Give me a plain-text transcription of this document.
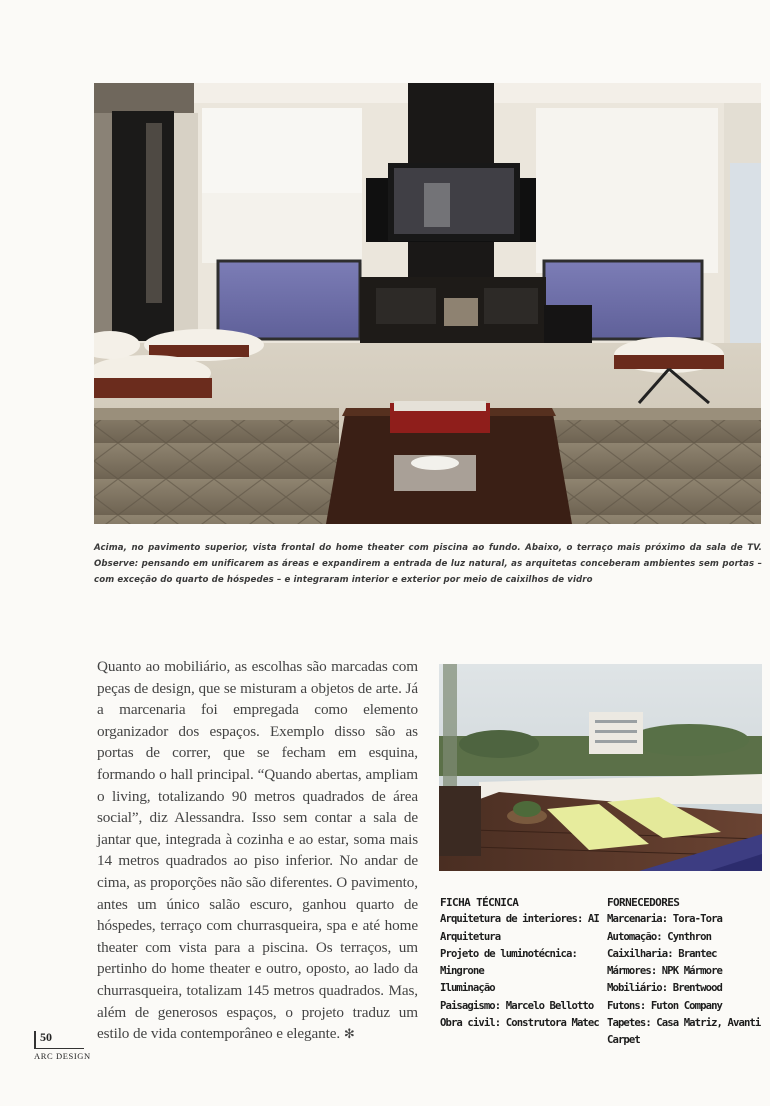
Acima, no pavimento superior, vista frontal do home theater com piscina ao fundo. Abaixo, o terraço mais próximo da sala de TV. Observe: pensando em unificarem as áreas e expandirem a entrada de luz natural, as arquitetas conceberam ambientes sem portas – com exceção do quarto de hóspedes – e integraram interior e exterior por meio de caixilhos de vidro
Quanto ao mobiliário, as escolhas são marcadas com peças de design, que se misturam a objetos de arte. Já a marcenaria foi empregada como elemento organizador dos espaços. Exemplo disso são as portas de correr, que se fecham em esquina, formando o hall principal. “Quando abertas, ampliam o living, totalizando 90 metros quadrados de área social”, diz Alessandra. Isso sem contar a sala de jantar que, integrada à cozinha e ao estar, soma mais 14 metros quadrados ao piso inferior. No andar de cima, as proporções não são diferentes. O pavimento, antes um único salão escuro, ganhou quarto de hóspedes, terraço com churrasqueira, spa e até home theater com vista para a piscina. Os terraços, um pertinho do home theater e outro, oposto, ao lado da churrasqueira, totalizam 145 metros quadrados. Mas, além de generosos espaços, o projeto traduz um estilo de vida contemporâneo e elegante. ✻
FICHA TÉCNICA
Arquitetura de interiores: AI
Arquitetura
Projeto de luminotécnica: Mingrone
Iluminação
Paisagismo: Marcelo Bellotto
Obra civil: Construtora Matec
FORNECEDORES
Marcenaria: Tora-Tora
Automação: Cynthron
Caixilharia: Brantec
Mármores: NPK Mármore
Mobiliário: Brentwood
Futons: Futon Company
Tapetes: Casa Matriz, Avanti Carpet
50
ARC DESIGN
